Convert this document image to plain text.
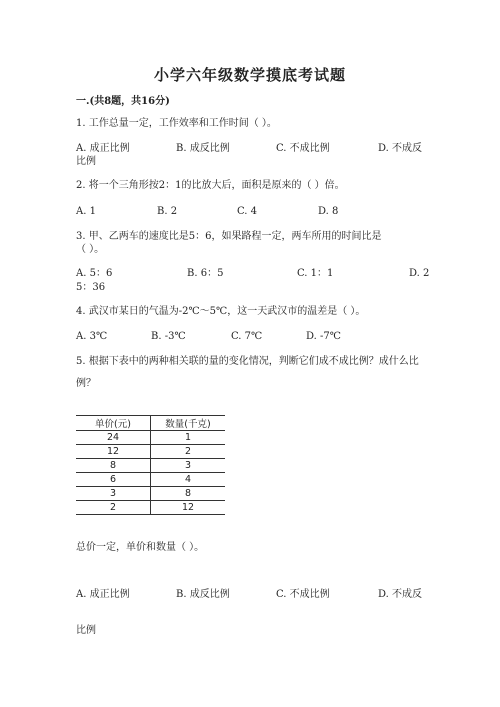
小学六年级数学摸底考试题
一.(共8题，共16分)
1. 工作总量一定，工作效率和工作时间（ ）。
A. 成正比例	B. 成反比例	C. 不成比例	D. 不成反
比例
2. 将一个三角形按2：1的比放大后，面积是原来的（ ）倍。
A. 1	B. 2	C. 4	D. 8
3. 甲、乙两车的速度比是5：6，如果路程一定，两车所用的时间比是
（ ）。
A. 5：6	B. 6：5	C. 1：1	D. 2
5：36
4. 武汉市某日的气温为-2℃～5℃，这一天武汉市的温差是（ ）。
A. 3℃	B. -3℃	C. 7℃	D. -7℃
5. 根据下表中的两种相关联的量的变化情况，判断它们成不成比例？成什么比
例？
单价(元)	数量(千克)
24	1
12	2
8	3
6	4
3	8
2	12
总价一定，单价和数量（ ）。
A. 成正比例	B. 成反比例	C. 不成比例	D. 不成反
比例
